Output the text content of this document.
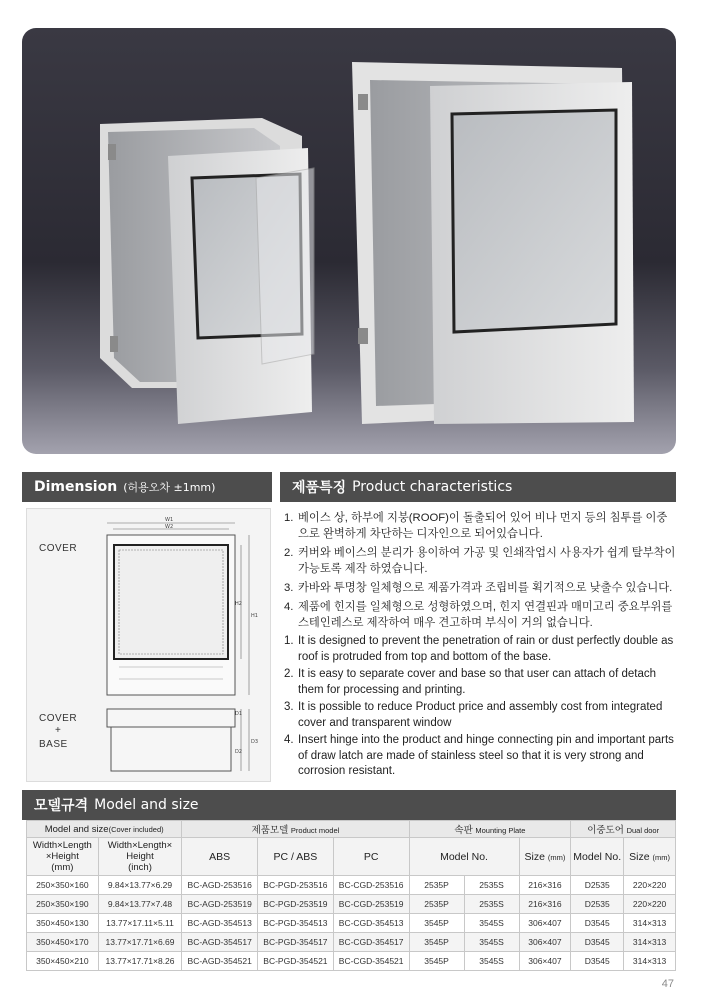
Dimension (허용오차 ±1mm)	제품특징 Product characteristics
COVER
COVER
+
BASE
W1
W2
H1
H2
D1
D2
D3
1. 베이스 상, 하부에 지붕(ROOF)이 돌출되어 있어 비나 먼지 등의 침투를 이중으로 완벽하게 차단하는 디자인으로 되어있습니다.
2. 커버와 베이스의 분리가 용이하여 가공 및 인쇄작업시 사용자가 쉽게 탈부착이 가능토록 제작 하였습니다.
3. 카바와 투명창 일체형으로 제품가격과 조립비를 획기적으로 낮출수 있습니다.
4. 제품에 힌지를 일체형으로 성형하였으며, 힌지 연결핀과 매미고리 중요부위를 스테인레스로 제작하여 매우 견고하며 부식이 거의 없습니다.
1. It is designed to prevent the penetration of rain or dust perfectly double as roof is protruded from top and bottom of the base.
2. It is easy to separate cover and base so that user can attach of detach them for processing and printing.
3. It is possible to reduce Product price and assembly cost from integrated cover and transparent window
4. Insert hinge into the product and hinge connecting pin and important parts of draw latch are made of stainless steel so that it is very strong and corrosion resistant.
모델규격 Model and size
Model and size(Cover included)		제품모델 Product model			속판 Mounting Plate			이중도어 Dual door	
Width×Length
×Height
(mm)	Width×Length×
Height
(inch)	ABS	PC / ABS	PC	Model No.		Size (mm)	Model No.	Size (mm)
250×350×160	9.84×13.77×6.29	BC-AGD-253516	BC-PGD-253516	BC-CGD-253516	2535P	2535S	216×316	D2535	220×220
250×350×190	9.84×13.77×7.48	BC-AGD-253519	BC-PGD-253519	BC-CGD-253519	2535P	2535S	216×316	D2535	220×220
350×450×130	13.77×17.11×5.11	BC-AGD-354513	BC-PGD-354513	BC-CGD-354513	3545P	3545S	306×407	D3545	314×313
350×450×170	13.77×17.71×6.69	BC-AGD-354517	BC-PGD-354517	BC-CGD-354517	3545P	3545S	306×407	D3545	314×313
350×450×210	13.77×17.71×8.26	BC-AGD-354521	BC-PGD-354521	BC-CGD-354521	3545P	3545S	306×407	D3545	314×313
47
